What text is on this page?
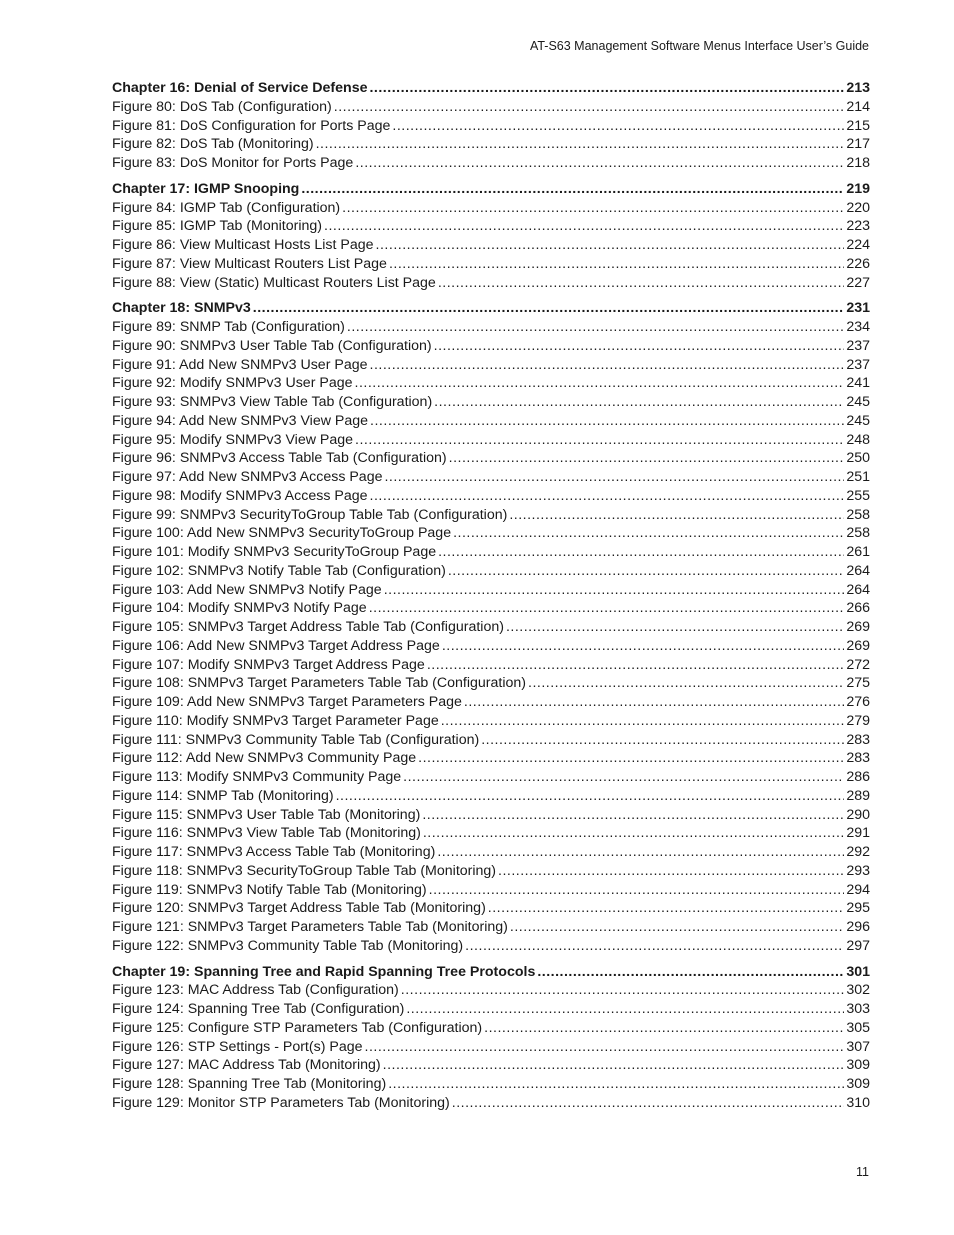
AT-S63 Management Software Menus Interface User’s Guide
Chapter 16: Denial of Service Defense .....	213
Figure 80: DoS Tab (Configuration) .....	214
Figure 81: DoS Configuration for Ports Page .....	215
Figure 82: DoS Tab (Monitoring) .....	217
Figure 83: DoS Monitor for Ports Page .....	218
Chapter 17: IGMP Snooping .....	219
Figure 84: IGMP Tab (Configuration) .....	220
Figure 85: IGMP Tab (Monitoring) .....	223
Figure 86: View Multicast Hosts List Page .....	224
Figure 87: View Multicast Routers List Page .....	226
Figure 88: View (Static) Multicast Routers List Page .....	227
Chapter 18: SNMPv3 .....	231
Figure 89: SNMP Tab (Configuration) .....	234
Figure 90: SNMPv3 User Table Tab (Configuration) .....	237
Figure 91: Add New SNMPv3 User Page .....	237
Figure 92: Modify SNMPv3 User Page .....	241
Figure 93: SNMPv3 View Table Tab (Configuration) .....	245
Figure 94: Add New SNMPv3 View Page .....	245
Figure 95: Modify SNMPv3 View Page .....	248
Figure 96: SNMPv3 Access Table Tab (Configuration) .....	250
Figure 97: Add New SNMPv3 Access Page .....	251
Figure 98: Modify SNMPv3 Access Page .....	255
Figure 99: SNMPv3 SecurityToGroup Table Tab (Configuration) .....	258
Figure 100: Add New SNMPv3 SecurityToGroup Page .....	258
Figure 101: Modify SNMPv3 SecurityToGroup Page .....	261
Figure 102: SNMPv3 Notify Table Tab (Configuration) .....	264
Figure 103: Add New SNMPv3 Notify Page .....	264
Figure 104: Modify SNMPv3 Notify Page .....	266
Figure 105: SNMPv3 Target Address Table Tab (Configuration) .....	269
Figure 106: Add New SNMPv3 Target Address Page .....	269
Figure 107: Modify SNMPv3 Target Address Page .....	272
Figure 108: SNMPv3 Target Parameters Table Tab (Configuration) .....	275
Figure 109: Add New SNMPv3 Target Parameters Page .....	276
Figure 110: Modify SNMPv3 Target Parameter Page .....	279
Figure 111: SNMPv3 Community Table Tab (Configuration) .....	283
Figure 112: Add New SNMPv3 Community Page .....	283
Figure 113: Modify SNMPv3 Community Page .....	286
Figure 114: SNMP Tab (Monitoring) .....	289
Figure 115: SNMPv3 User Table Tab (Monitoring) .....	290
Figure 116: SNMPv3 View Table Tab (Monitoring) .....	291
Figure 117: SNMPv3 Access Table Tab (Monitoring) .....	292
Figure 118: SNMPv3 SecurityToGroup Table Tab (Monitoring) .....	293
Figure 119: SNMPv3 Notify Table Tab (Monitoring) .....	294
Figure 120: SNMPv3 Target Address Table Tab (Monitoring) .....	295
Figure 121: SNMPv3 Target Parameters Table Tab (Monitoring) .....	296
Figure 122: SNMPv3 Community Table Tab (Monitoring) .....	297
Chapter 19: Spanning Tree and Rapid Spanning Tree Protocols .....	301
Figure 123: MAC Address Tab (Configuration) .....	302
Figure 124: Spanning Tree Tab (Configuration) .....	303
Figure 125: Configure STP Parameters Tab (Configuration) .....	305
Figure 126: STP Settings - Port(s) Page .....	307
Figure 127: MAC Address Tab (Monitoring) .....	309
Figure 128: Spanning Tree Tab (Monitoring) .....	309
Figure 129: Monitor STP Parameters Tab (Monitoring) .....	310
11
